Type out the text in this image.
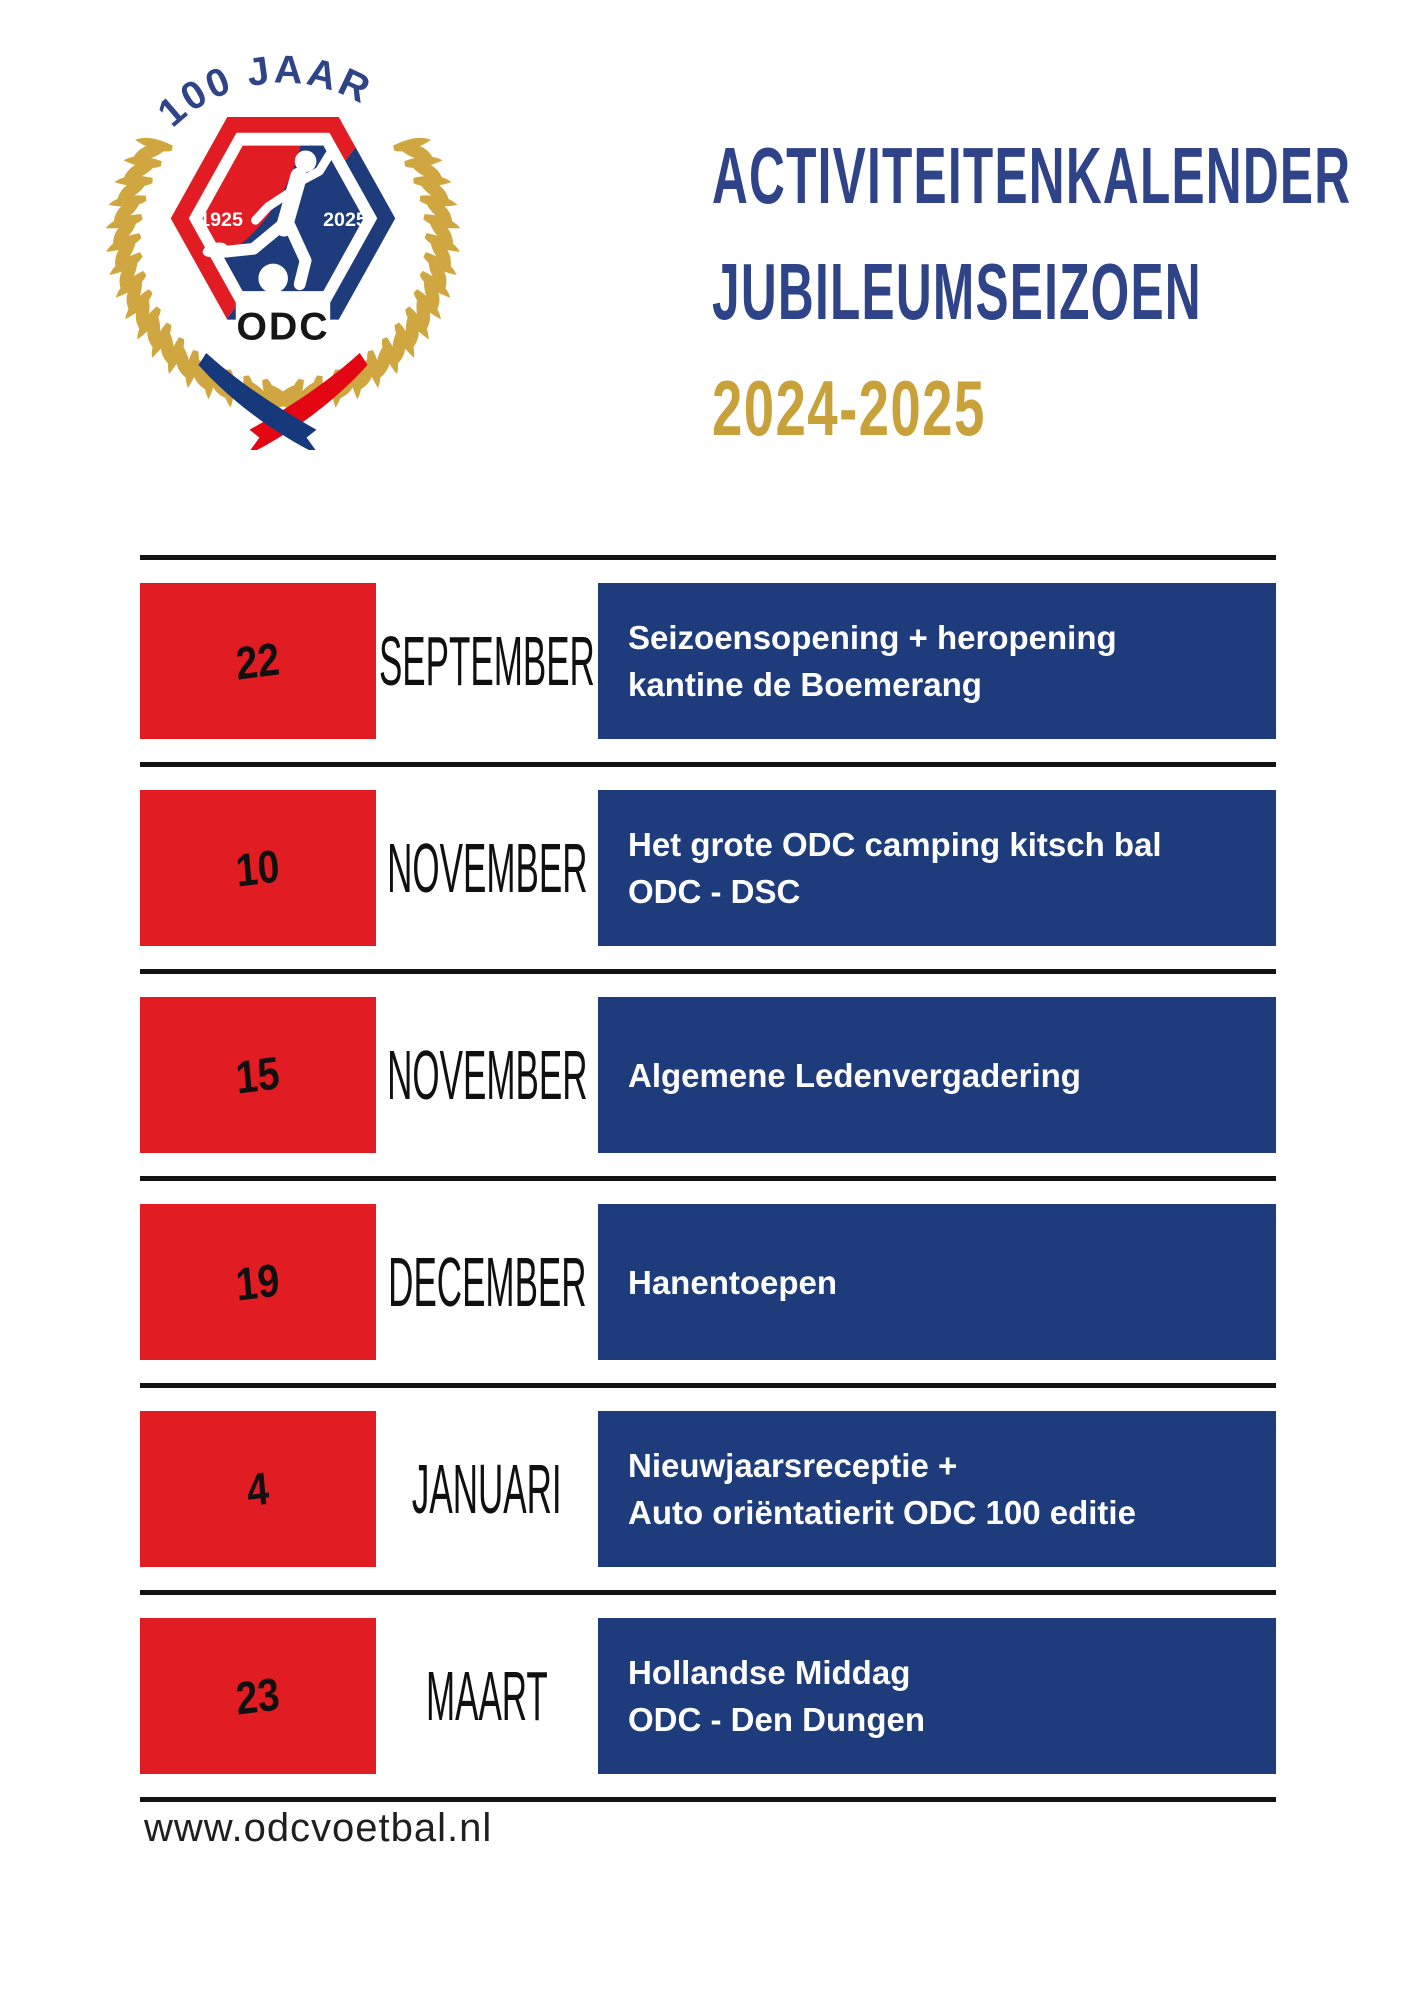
100 JAAR
1925	2025
ODC
ACTIVITEITENKALENDER
JUBILEUMSEIZOEN
2024-2025
22 SEPTEMBER Seizoensopening + heropening
kantine de Boemerang
10 NOVEMBER Het grote ODC camping kitsch bal
ODC - DSC
15 NOVEMBER Algemene Ledenvergadering
19 DECEMBER Hanentoepen
4 JANUARI Nieuwjaarsreceptie +
Auto oriëntatierit ODC 100 editie
23 MAART Hollandse Middag
ODC - Den Dungen
www.odcvoetbal.nl
